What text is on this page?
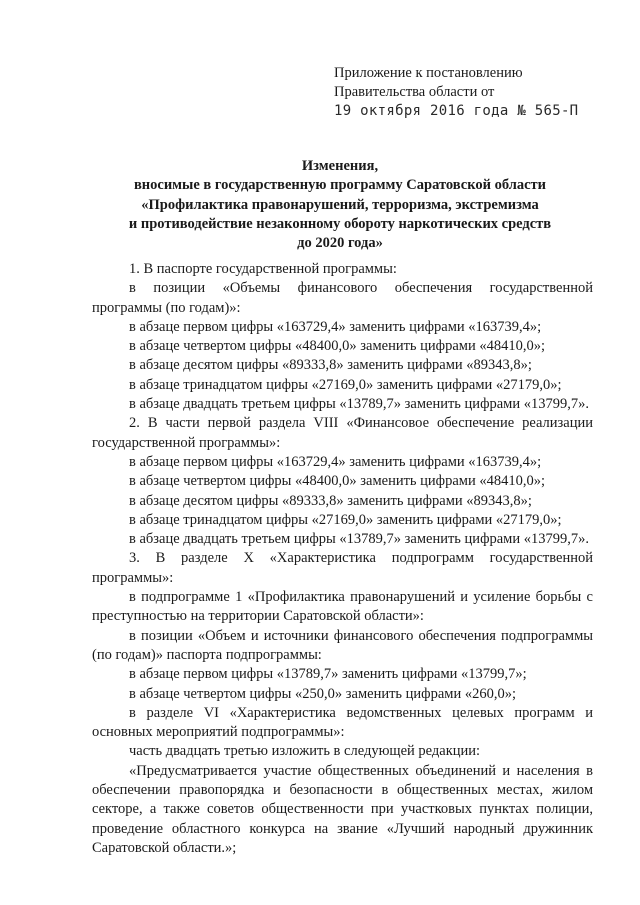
Приложение к постановлению
Правительства области от
19 октября 2016 года № 565-П
Изменения,
вносимые в государственную программу Саратовской области
«Профилактика правонарушений, терроризма, экстремизма
и противодействие незаконному обороту наркотических средств
до 2020 года»

1. В паспорте государственной программы:

в позиции «Объемы финансового обеспечения государственной программы (по годам)»:

в абзаце первом цифры «163729,4» заменить цифрами «163739,4»;

в абзаце четвертом цифры «48400,0» заменить цифрами «48410,0»;

в абзаце десятом цифры «89333,8» заменить цифрами «89343,8»;

в абзаце тринадцатом цифры «27169,0» заменить цифрами «27179,0»;

в абзаце двадцать третьем цифры «13789,7» заменить цифрами «13799,7».

2. В части первой раздела VIII «Финансовое обеспечение реализации государственной программы»:

в абзаце первом цифры «163729,4» заменить цифрами «163739,4»;

в абзаце четвертом цифры «48400,0» заменить цифрами «48410,0»;

в абзаце десятом цифры «89333,8» заменить цифрами «89343,8»;

в абзаце тринадцатом цифры «27169,0» заменить цифрами «27179,0»;

в абзаце двадцать третьем цифры «13789,7» заменить цифрами «13799,7».

3. В разделе X «Характеристика подпрограмм государственной программы»:

в подпрограмме 1 «Профилактика правонарушений и усиление борьбы с преступностью на территории Саратовской области»:

в позиции «Объем и источники финансового обеспечения подпрограммы (по годам)» паспорта подпрограммы:

в абзаце первом цифры «13789,7» заменить цифрами «13799,7»;

в абзаце четвертом цифры «250,0» заменить цифрами «260,0»;

в разделе VI «Характеристика ведомственных целевых программ и основных мероприятий подпрограммы»:

часть двадцать третью изложить в следующей редакции:

«Предусматривается участие общественных объединений и населения в обеспечении правопорядка и безопасности в общественных местах, жилом секторе, а также советов общественности при участковых пунктах полиции, проведение областного конкурса на звание «Лучший народный дружинник Саратовской области.»;
